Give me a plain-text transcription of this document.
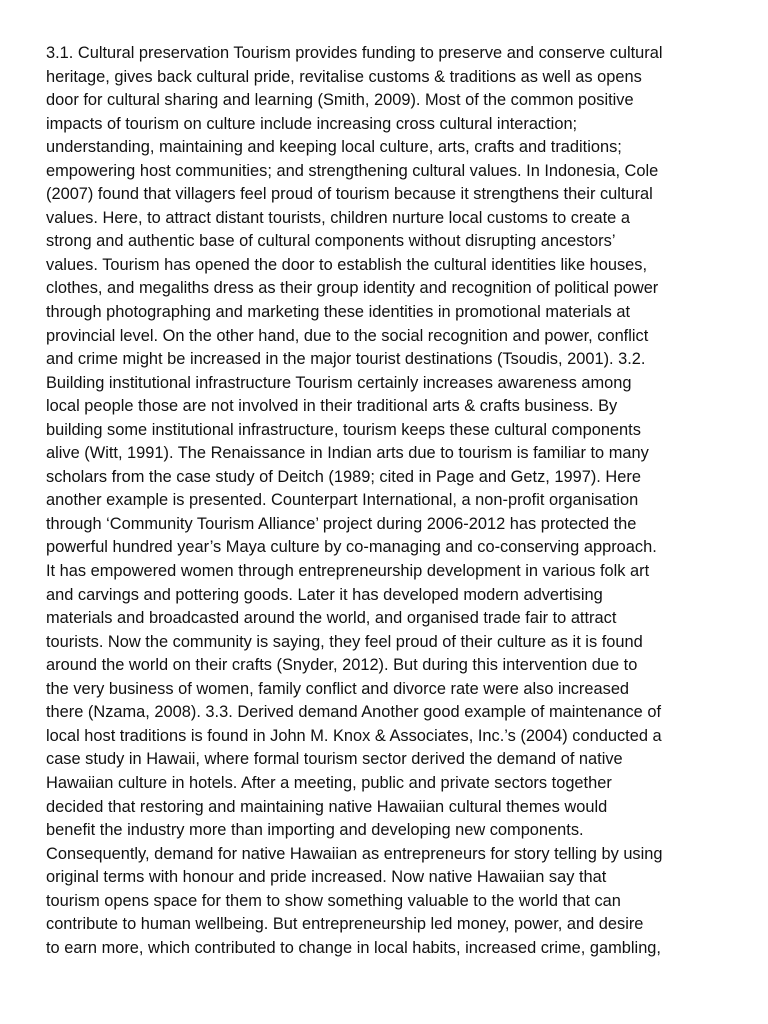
3.1. Cultural preservation Tourism provides funding to preserve and conserve cultural
heritage, gives back cultural pride, revitalise customs & traditions as well as opens
door for cultural sharing and learning (Smith, 2009). Most of the common positive
impacts of tourism on culture include increasing cross cultural interaction;
understanding, maintaining and keeping local culture, arts, crafts and traditions;
empowering host communities; and strengthening cultural values. In Indonesia, Cole
(2007) found that villagers feel proud of tourism because it strengthens their cultural
values. Here, to attract distant tourists, children nurture local customs to create a
strong and authentic base of cultural components without disrupting ancestors’
values. Tourism has opened the door to establish the cultural identities like houses,
clothes, and megaliths dress as their group identity and recognition of political power
through photographing and marketing these identities in promotional materials at
provincial level. On the other hand, due to the social recognition and power, conflict
and crime might be increased in the major tourist destinations (Tsoudis, 2001). 3.2.
Building institutional infrastructure Tourism certainly increases awareness among
local people those are not involved in their traditional arts & crafts business. By
building some institutional infrastructure, tourism keeps these cultural components
alive (Witt, 1991). The Renaissance in Indian arts due to tourism is familiar to many
scholars from the case study of Deitch (1989; cited in Page and Getz, 1997). Here
another example is presented. Counterpart International, a non-profit organisation
through ‘Community Tourism Alliance’ project during 2006-2012 has protected the
powerful hundred year’s Maya culture by co-managing and co-conserving approach.
It has empowered women through entrepreneurship development in various folk art
and carvings and pottering goods. Later it has developed modern advertising
materials and broadcasted around the world, and organised trade fair to attract
tourists. Now the community is saying, they feel proud of their culture as it is found
around the world on their crafts (Snyder, 2012). But during this intervention due to
the very business of women, family conflict and divorce rate were also increased
there (Nzama, 2008). 3.3. Derived demand Another good example of maintenance of
local host traditions is found in John M. Knox & Associates, Inc.’s (2004) conducted a
case study in Hawaii, where formal tourism sector derived the demand of native
Hawaiian culture in hotels. After a meeting, public and private sectors together
decided that restoring and maintaining native Hawaiian cultural themes would
benefit the industry more than importing and developing new components.
Consequently, demand for native Hawaiian as entrepreneurs for story telling by using
original terms with honour and pride increased. Now native Hawaiian say that
tourism opens space for them to show something valuable to the world that can
contribute to human wellbeing. But entrepreneurship led money, power, and desire
to earn more, which contributed to change in local habits, increased crime, gambling,
